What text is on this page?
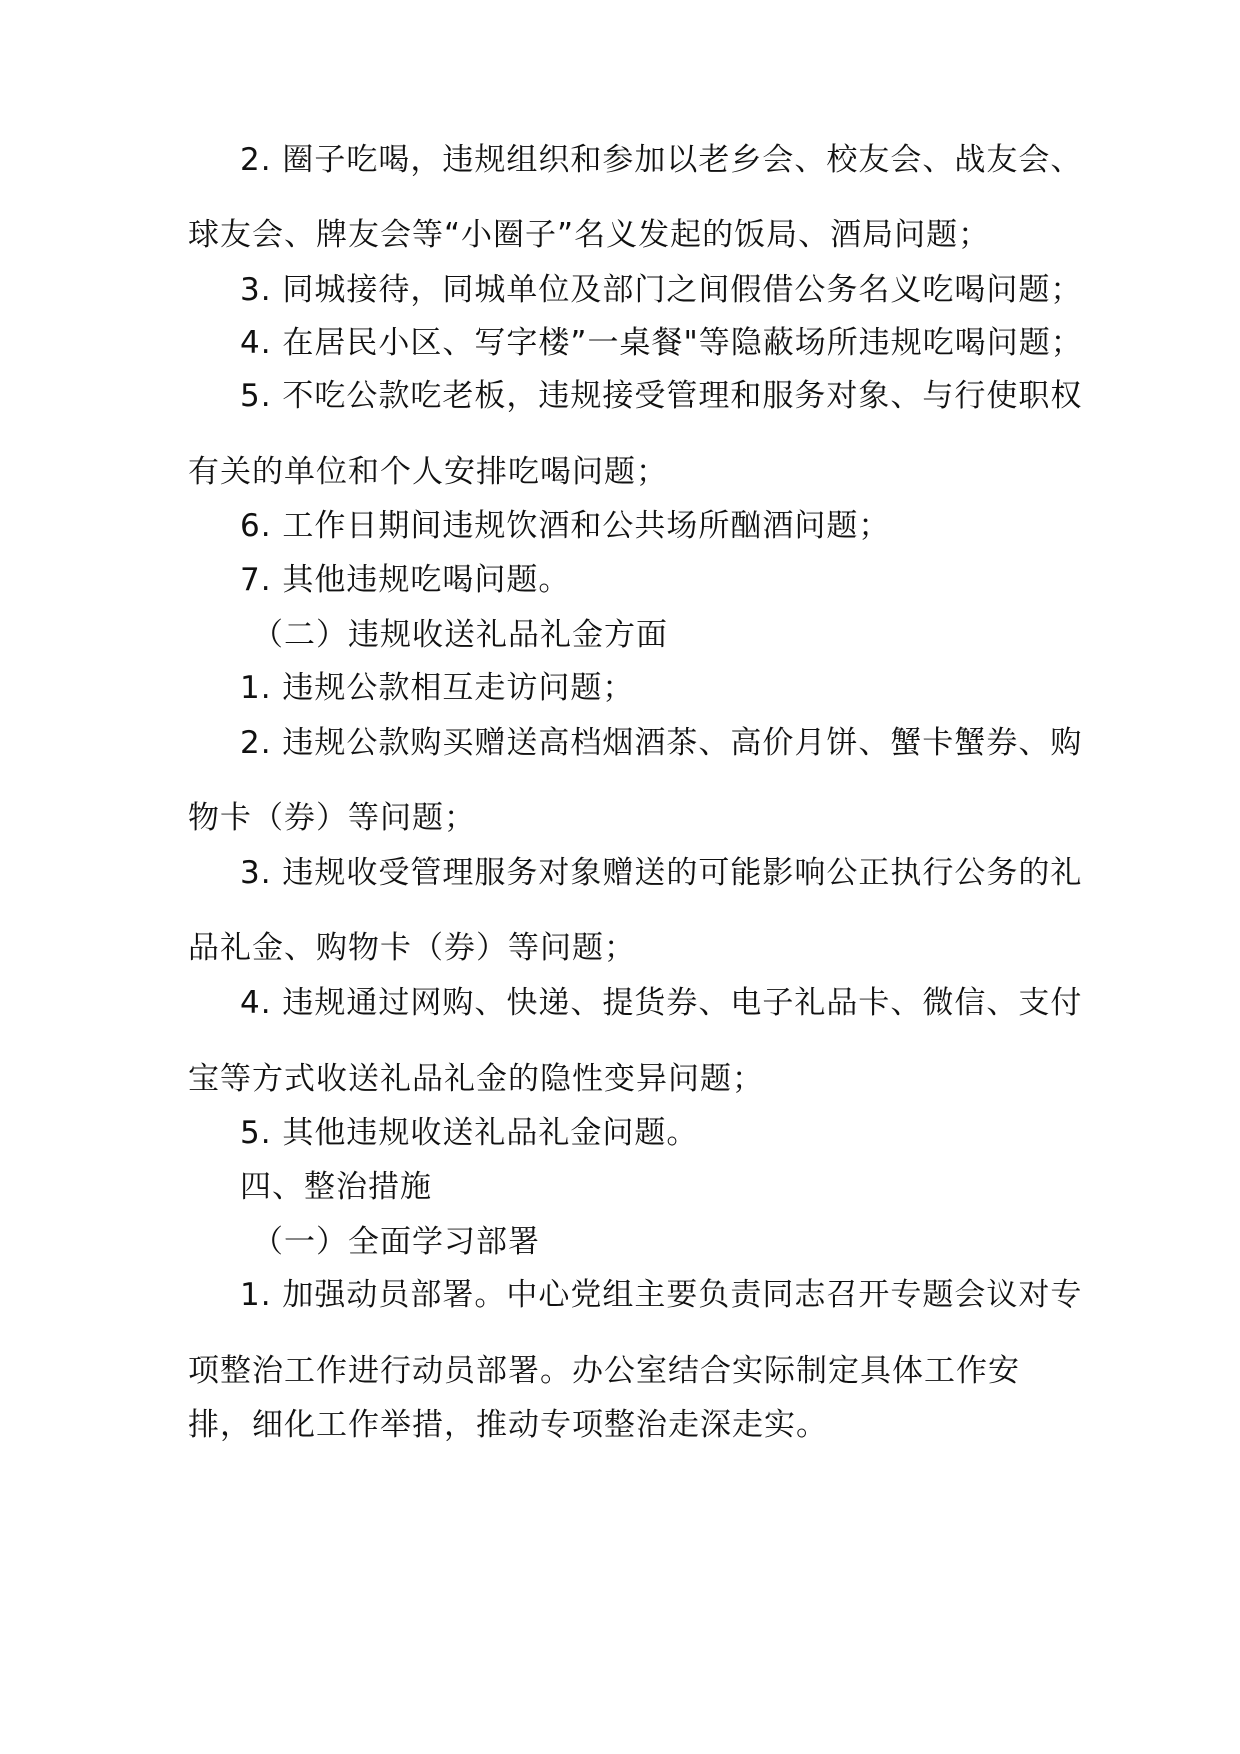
2. 圈子吃喝，违规组织和参加以老乡会、校友会、战友会、
球友会、牌友会等“小圈子”名义发起的饭局、酒局问题；
3. 同城接待，同城单位及部门之间假借公务名义吃喝问题；
4. 在居民小区、写字楼”一桌餐"等隐蔽场所违规吃喝问题；
5. 不吃公款吃老板，违规接受管理和服务对象、与行使职权
有关的单位和个人安排吃喝问题；
6. 工作日期间违规饮酒和公共场所酗酒问题；
7. 其他违规吃喝问题。
（二）违规收送礼品礼金方面
1. 违规公款相互走访问题；
2. 违规公款购买赠送高档烟酒茶、高价月饼、蟹卡蟹券、购
物卡（券）等问题；
3. 违规收受管理服务对象赠送的可能影响公正执行公务的礼
品礼金、购物卡（券）等问题；
4. 违规通过网购、快递、提货券、电子礼品卡、微信、支付
宝等方式收送礼品礼金的隐性变异问题；
5. 其他违规收送礼品礼金问题。
四、整治措施
（一）全面学习部署
1. 加强动员部署。中心党组主要负责同志召开专题会议对专
项整治工作进行动员部署。办公室结合实际制定具体工作安
排，细化工作举措，推动专项整治走深走实。
